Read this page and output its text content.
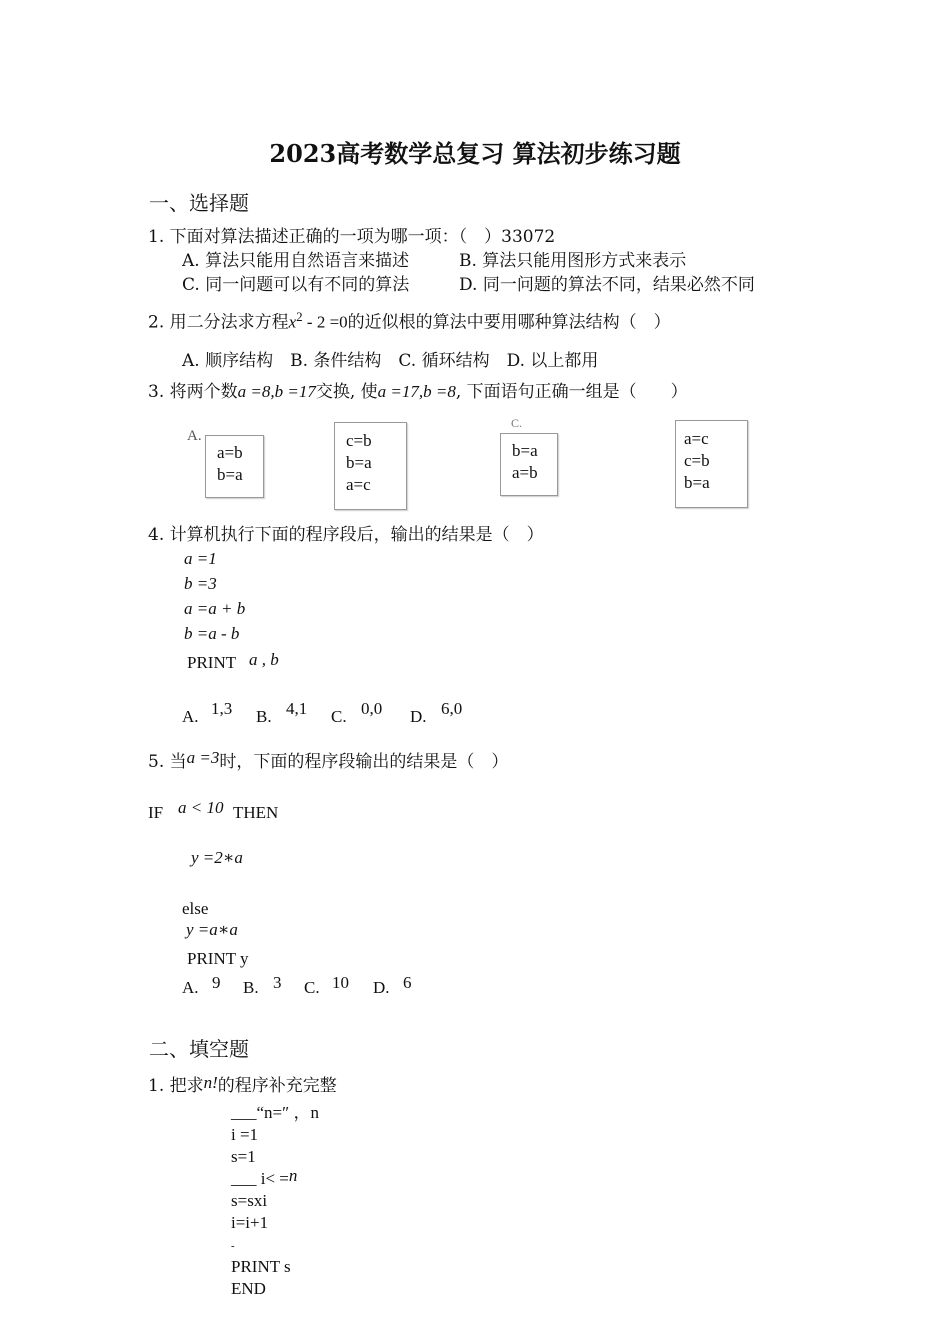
2023高考数学总复习 算法初步练习题
一、选择题
1. 下面对算法描述正确的一项为哪一项：（　）33072
A. 算法只能用自然语言来描述	B. 算法只能用图形方式来表示
C. 同一问题可以有不同的算法	D. 同一问题的算法不同，结果必然不同
2. 用二分法求方程$x^2 - 2 =0$的近似根的算法中要用哪种算法结构（　）
A. 顺序结构　B. 条件结构　C. 循环结构　D. 以上都用
3. 将两个数a =8,b =17交换, 使a =17,b =8, 下面语句正确一组是（　　）
A.
a=b
b=a
c=b
b=a
a=c
C.
b=a
a=b
a=c
c=b
b=a
4. 计算机执行下面的程序段后，输出的结果是（　）
a =1
b =3
a =a + b
b =a - b
PRINT a , b
A. 1,3 B. 4,1 C. 0,0 D. 6,0
5. 当a =3时，下面的程序段输出的结果是（　）
IF a < 10 THEN
y =2∗a
else
y =a∗a
PRINT y
A. 9 B. 3 C. 10 D. 6
二、填空题
1. 把求n!的程序补充完整
___“n=″ ，n
i =1
s=1
___ i< =n
s=sxi
i=i+1
-
PRINT s
END
